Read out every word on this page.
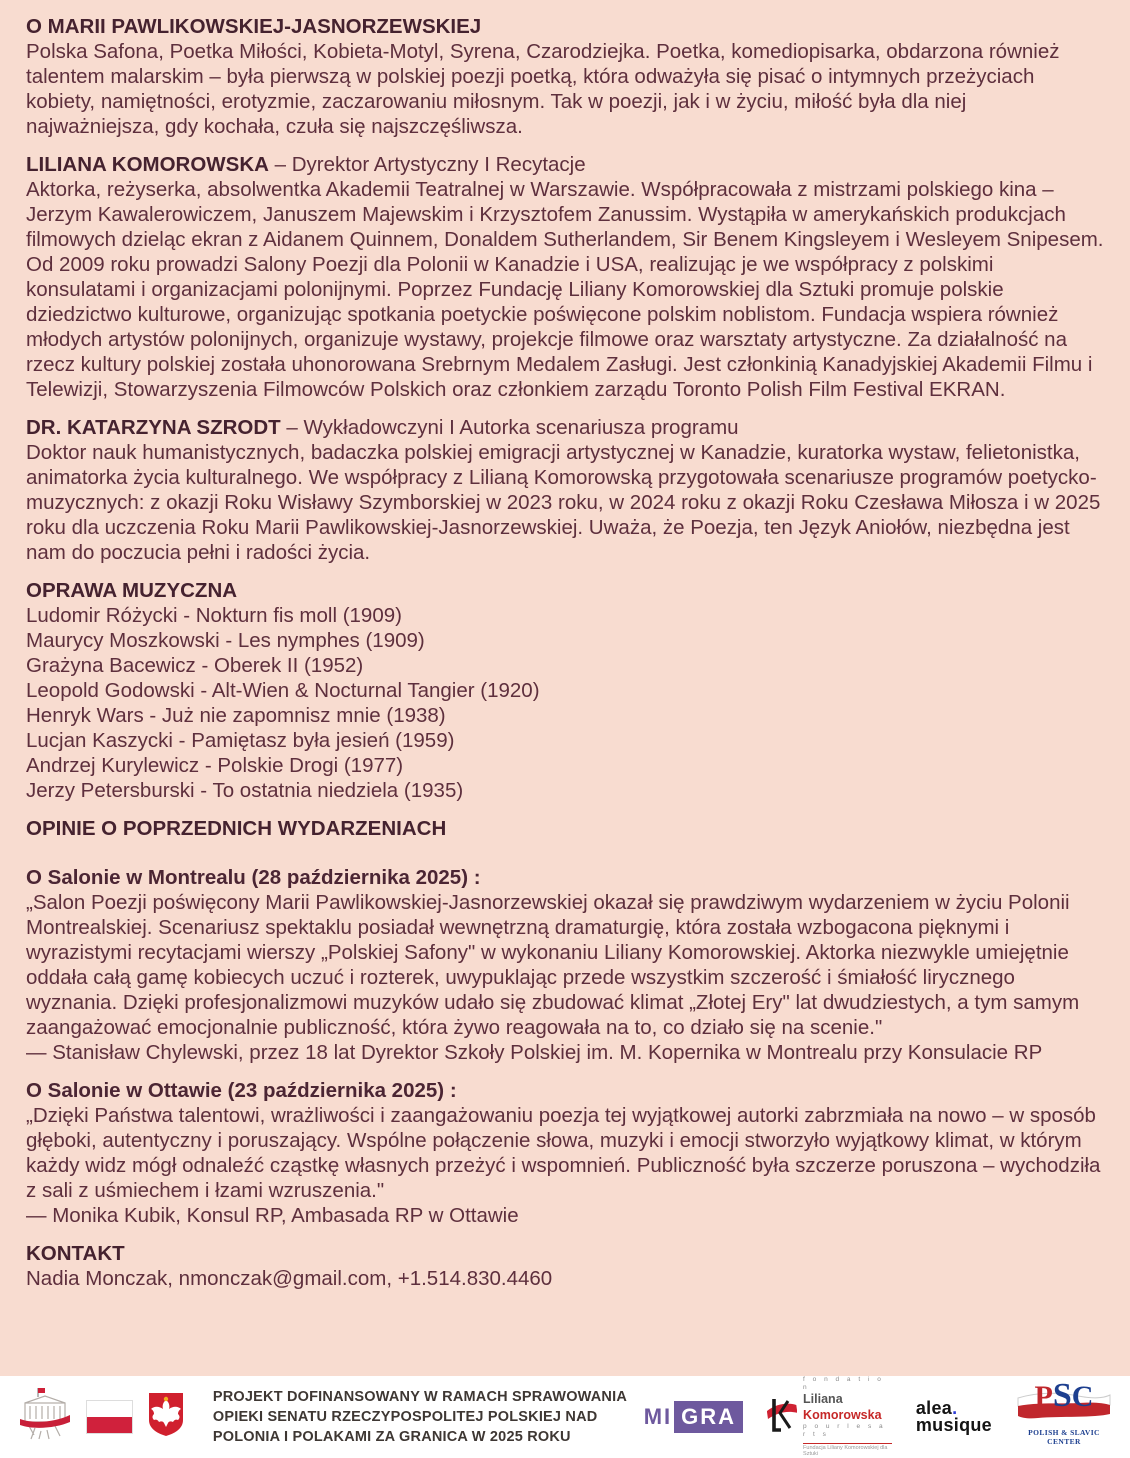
O MARII PAWLIKOWSKIEJ-JASNORZEWSKIEJ

Polska Safona, Poetka Miłości, Kobieta-Motyl, Syrena, Czarodziejka. Poetka, komediopisarka, obdarzona również talentem malarskim – była pierwszą w polskiej poezji poetką, która odważyła się pisać o intymnych przeżyciach kobiety, namiętności, erotyzmie, zaczarowaniu miłosnym. Tak w poezji, jak i w życiu, miłość była dla niej najważniejsza, gdy kochała, czuła się najszczęśliwsza.

LILIANA KOMOROWSKA – Dyrektor Artystyczny I Recytacje

Aktorka, reżyserka, absolwentka Akademii Teatralnej w Warszawie. Współpracowała z mistrzami polskiego kina – Jerzym Kawalerowiczem, Januszem Majewskim i Krzysztofem Zanussim. Wystąpiła w amerykańskich produkcjach filmowych dzieląc ekran z Aidanem Quinnem, Donaldem Sutherlandem, Sir Benem Kingsleyem i Wesleyem Snipesem. Od 2009 roku prowadzi Salony Poezji dla Polonii w Kanadzie i USA, realizując je we współpracy z polskimi konsulatami i organizacjami polonijnymi. Poprzez Fundację Liliany Komorowskiej dla Sztuki promuje polskie dziedzictwo kulturowe, organizując spotkania poetyckie poświęcone polskim noblistom. Fundacja wspiera również młodych artystów polonijnych, organizuje wystawy, projekcje filmowe oraz warsztaty artystyczne. Za działalność na rzecz kultury polskiej została uhonorowana Srebrnym Medalem Zasługi. Jest członkinią Kanadyjskiej Akademii Filmu i Telewizji, Stowarzyszenia Filmowców Polskich oraz członkiem zarządu Toronto Polish Film Festival EKRAN.

DR. KATARZYNA SZRODT – Wykładowczyni I Autorka scenariusza programu

Doktor nauk humanistycznych, badaczka polskiej emigracji artystycznej w Kanadzie, kuratorka wystaw, felietonistka, animatorka życia kulturalnego. We współpracy z Lilianą Komorowską przygotowała scenariusze programów poetycko-muzycznych: z okazji Roku Wisławy Szymborskiej w 2023 roku, w 2024 roku z okazji Roku Czesława Miłosza i w 2025 roku dla uczczenia Roku Marii Pawlikowskiej-Jasnorzewskiej. Uważa, że Poezja, ten Język Aniołów, niezbędna jest nam do poczucia pełni i radości życia.

OPRAWA MUZYCZNA
Ludomir Różycki - Nokturn fis moll (1909)
Maurycy Moszkowski - Les nymphes (1909)
Grażyna Bacewicz - Oberek II (1952)
Leopold Godowski - Alt-Wien & Nocturnal Tangier (1920)
Henryk Wars - Już nie zapomnisz mnie (1938)
Lucjan Kaszycki - Pamiętasz była jesień (1959)
Andrzej Kurylewicz - Polskie Drogi (1977)
Jerzy Petersburski - To ostatnia niedziela (1935)
OPINIE O POPRZEDNICH WYDARZENIACH
O Salonie w Montrealu (28 października 2025) :

„Salon Poezji poświęcony Marii Pawlikowskiej-Jasnorzewskiej okazał się prawdziwym wydarzeniem w życiu Polonii Montrealskiej. Scenariusz spektaklu posiadał wewnętrzną dramaturgię, która została wzbogacona pięknymi i wyrazistymi recytacjami wierszy „Polskiej Safony" w wykonaniu Liliany Komorowskiej. Aktorka niezwykle umiejętnie oddała całą gamę kobiecych uczuć i rozterek, uwypuklając przede wszystkim szczerość i śmiałość lirycznego wyznania. Dzięki profesjonalizmowi muzyków udało się zbudować klimat „Złotej Ery" lat dwudziestych, a tym samym zaangażować emocjonalnie publiczność, która żywo reagowała na to, co działo się na scenie."

— Stanisław Chylewski, przez 18 lat Dyrektor Szkoły Polskiej im. M. Kopernika w Montrealu przy Konsulacie RP

O Salonie w Ottawie (23 października 2025) :

„Dzięki Państwa talentowi, wrażliwości i zaangażowaniu poezja tej wyjątkowej autorki zabrzmiała na nowo – w sposób głęboki, autentyczny i poruszający. Wspólne połączenie słowa, muzyki i emocji stworzyło wyjątkowy klimat, w którym każdy widz mógł odnaleźć cząstkę własnych przeżyć i wspomnień. Publiczność była szczerze poruszona – wychodziła z sali z uśmiechem i łzami wzruszenia."

— Monika Kubik, Konsul RP, Ambasada RP w Ottawie

KONTAKT

Nadia Monczak, nmonczak@gmail.com, +1.514.830.4460

PROJEKT DOFINANSOWANY W RAMACH SPRAWOWANIA
OPIEKI SENATU RZECZYPOSPOLITEJ POLSKIEJ NAD
POLONIA I POLAKAMI ZA GRANICA W 2025 ROKU
MI GRA
f o n d a t i o n
Liliana Komorowska
p o u r l e s a r t s
Fundacja Liliany Komorowskiej dla Sztuki
alea.
musique
PSC
POLISH & SLAVIC CENTER
